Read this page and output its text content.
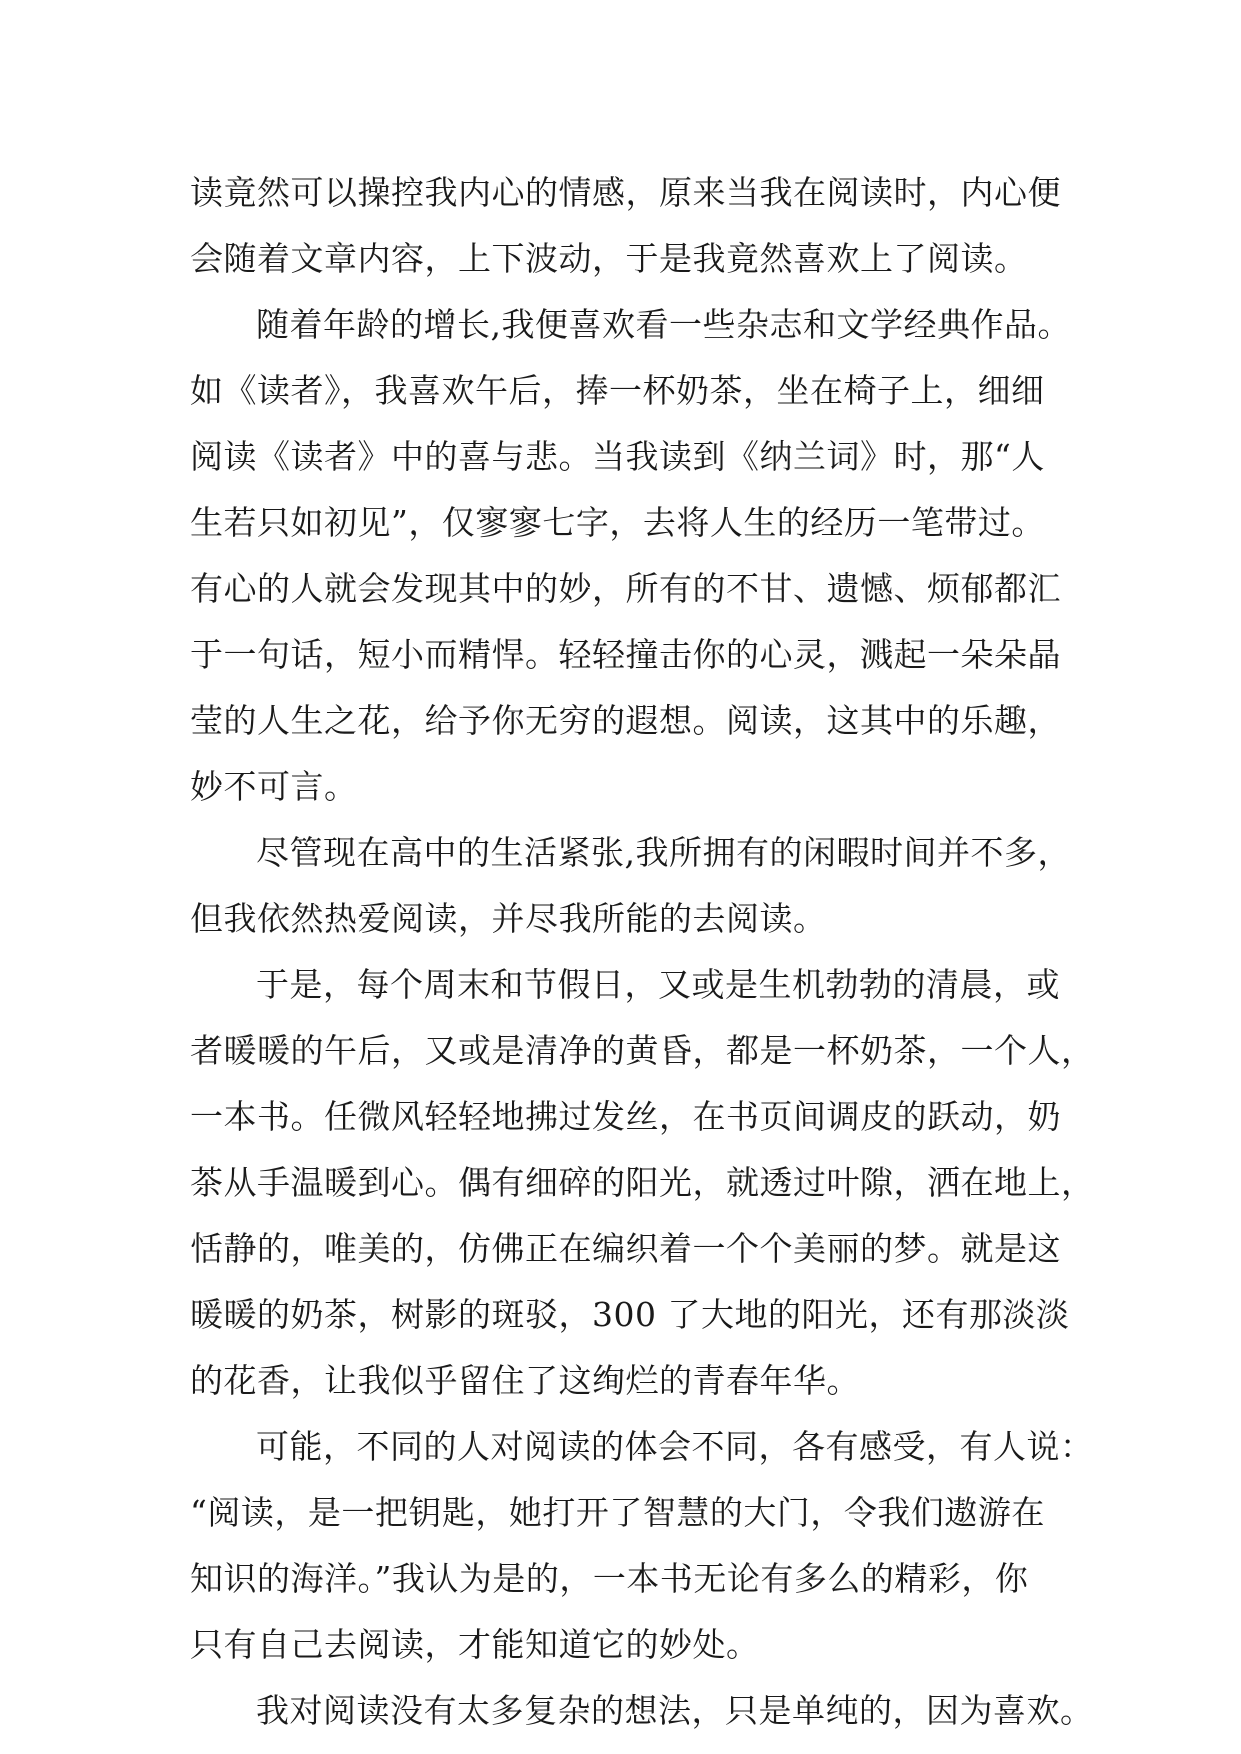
读竟然可以操控我内心的情感，原来当我在阅读时，内心便
会随着文章内容，上下波动，于是我竟然喜欢上了阅读。
随着年龄的增长,我便喜欢看一些杂志和文学经典作品。
如《读者》，我喜欢午后，捧一杯奶茶，坐在椅子上，细细
阅读《读者》中的喜与悲。当我读到《纳兰词》时，那“人
生若只如初见”，仅寥寥七字，去将人生的经历一笔带过。
有心的人就会发现其中的妙，所有的不甘、遗憾、烦郁都汇
于一句话，短小而精悍。轻轻撞击你的心灵，溅起一朵朵晶
莹的人生之花，给予你无穷的遐想。阅读，这其中的乐趣，
妙不可言。
尽管现在高中的生活紧张,我所拥有的闲暇时间并不多，
但我依然热爱阅读，并尽我所能的去阅读。
于是，每个周末和节假日，又或是生机勃勃的清晨，或
者暖暖的午后，又或是清净的黄昏，都是一杯奶茶，一个人，
一本书。任微风轻轻地拂过发丝，在书页间调皮的跃动，奶
茶从手温暖到心。偶有细碎的阳光，就透过叶隙，洒在地上，
恬静的，唯美的，仿佛正在编织着一个个美丽的梦。就是这
暖暖的奶茶，树影的斑驳，300 了大地的阳光，还有那淡淡
的花香，让我似乎留住了这绚烂的青春年华。
可能，不同的人对阅读的体会不同，各有感受，有人说：
“阅读，是一把钥匙，她打开了智慧的大门，令我们遨游在
知识的海洋。”我认为是的，一本书无论有多么的精彩，你
只有自己去阅读，才能知道它的妙处。
我对阅读没有太多复杂的想法，只是单纯的，因为喜欢。
